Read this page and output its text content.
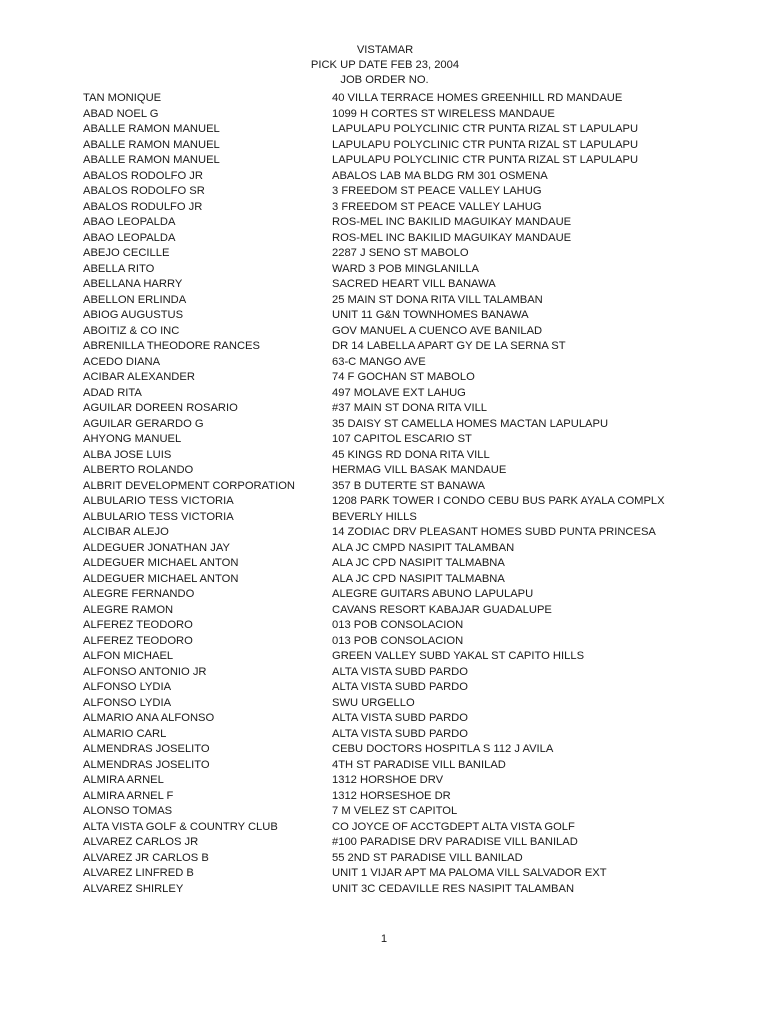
VISTAMAR
PICK UP DATE FEB 23, 2004
JOB ORDER NO.
TAN MONIQUE	40 VILLA TERRACE HOMES GREENHILL RD MANDAUE
ABAD NOEL G	1099 H CORTES ST WIRELESS MANDAUE
ABALLE RAMON MANUEL	LAPULAPU POLYCLINIC CTR PUNTA RIZAL ST LAPULAPU
ABALLE RAMON MANUEL	LAPULAPU POLYCLINIC CTR PUNTA RIZAL ST LAPULAPU
ABALLE RAMON MANUEL	LAPULAPU POLYCLINIC CTR PUNTA RIZAL ST LAPULAPU
ABALOS RODOLFO JR	ABALOS LAB MA BLDG RM 301 OSMENA
ABALOS RODOLFO SR	3 FREEDOM ST PEACE VALLEY LAHUG
ABALOS RODULFO JR	3 FREEDOM ST PEACE VALLEY LAHUG
ABAO LEOPALDA	ROS-MEL INC BAKILID MAGUIKAY MANDAUE
ABAO LEOPALDA	ROS-MEL INC BAKILID MAGUIKAY MANDAUE
ABEJO CECILLE	2287 J SENO ST MABOLO
ABELLA RITO	WARD 3 POB MINGLANILLA
ABELLANA HARRY	SACRED HEART VILL BANAWA
ABELLON ERLINDA	25 MAIN ST DONA RITA VILL TALAMBAN
ABIOG AUGUSTUS	UNIT 11 G&N TOWNHOMES BANAWA
ABOITIZ & CO INC	GOV MANUEL A CUENCO AVE BANILAD
ABRENILLA THEODORE RANCES	DR 14 LABELLA APART GY DE LA SERNA ST
ACEDO DIANA	63-C MANGO AVE
ACIBAR ALEXANDER	74 F GOCHAN ST MABOLO
ADAD RITA	497 MOLAVE EXT LAHUG
AGUILAR DOREEN ROSARIO	#37 MAIN ST DONA RITA VILL
AGUILAR GERARDO G	35 DAISY ST CAMELLA HOMES MACTAN LAPULAPU
AHYONG MANUEL	107 CAPITOL ESCARIO ST
ALBA JOSE LUIS	45 KINGS RD DONA RITA VILL
ALBERTO ROLANDO	HERMAG VILL BASAK MANDAUE
ALBRIT DEVELOPMENT CORPORATION	357 B DUTERTE ST BANAWA
ALBULARIO TESS VICTORIA	1208 PARK TOWER I CONDO CEBU BUS PARK AYALA COMPLX
ALBULARIO TESS VICTORIA	BEVERLY HILLS
ALCIBAR ALEJO	14 ZODIAC DRV PLEASANT HOMES SUBD PUNTA PRINCESA
ALDEGUER JONATHAN JAY	ALA JC CMPD NASIPIT TALAMBAN
ALDEGUER MICHAEL ANTON	ALA JC CPD NASIPIT TALMABNA
ALDEGUER MICHAEL ANTON	ALA JC CPD NASIPIT TALMABNA
ALEGRE FERNANDO	ALEGRE GUITARS ABUNO LAPULAPU
ALEGRE RAMON	CAVANS RESORT KABAJAR GUADALUPE
ALFEREZ TEODORO	013 POB CONSOLACION
ALFEREZ TEODORO	013 POB CONSOLACION
ALFON MICHAEL	GREEN VALLEY SUBD YAKAL ST CAPITO HILLS
ALFONSO ANTONIO JR	ALTA VISTA SUBD PARDO
ALFONSO LYDIA	ALTA VISTA SUBD PARDO
ALFONSO LYDIA	SWU URGELLO
ALMARIO ANA ALFONSO	ALTA VISTA SUBD PARDO
ALMARIO CARL	ALTA VISTA SUBD PARDO
ALMENDRAS JOSELITO	CEBU DOCTORS HOSPITLA S 112 J AVILA
ALMENDRAS JOSELITO	4TH ST PARADISE VILL BANILAD
ALMIRA ARNEL	1312 HORSHOE DRV
ALMIRA ARNEL F	1312 HORSESHOE DR
ALONSO TOMAS	7 M VELEZ ST CAPITOL
ALTA VISTA GOLF & COUNTRY CLUB	CO JOYCE OF ACCTGDEPT ALTA VISTA GOLF
ALVAREZ CARLOS JR	#100 PARADISE DRV PARADISE VILL BANILAD
ALVAREZ JR CARLOS B	55 2ND ST PARADISE VILL BANILAD
ALVAREZ LINFRED B	UNIT 1 VIJAR APT MA PALOMA VILL SALVADOR EXT
ALVAREZ SHIRLEY	UNIT 3C CEDAVILLE RES NASIPIT TALAMBAN
1
